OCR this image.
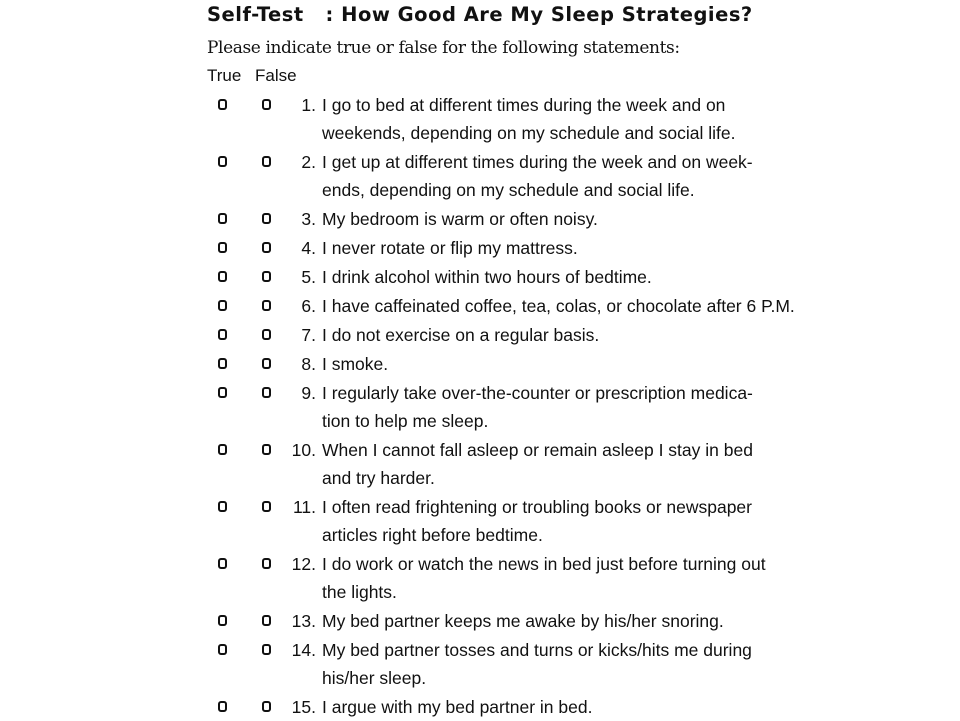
Self-Test   : How Good Are My Sleep Strategies?
Please indicate true or false for the following statements:
True False
1. I go to bed at different times during the week and on
weekends, depending on my schedule and social life.
2. I get up at different times during the week and on week-
ends, depending on my schedule and social life.
3. My bedroom is warm or often noisy.
4. I never rotate or flip my mattress.
5. I drink alcohol within two hours of bedtime.
6. I have caffeinated coffee, tea, colas, or chocolate after 6 P.M.
7. I do not exercise on a regular basis.
8. I smoke.
9. I regularly take over-the-counter or prescription medica-
tion to help me sleep.
10. When I cannot fall asleep or remain asleep I stay in bed
and try harder.
11. I often read frightening or troubling books or newspaper
articles right before bedtime.
12. I do work or watch the news in bed just before turning out
the lights.
13. My bed partner keeps me awake by his/her snoring.
14. My bed partner tosses and turns or kicks/hits me during
his/her sleep.
15. I argue with my bed partner in bed.
